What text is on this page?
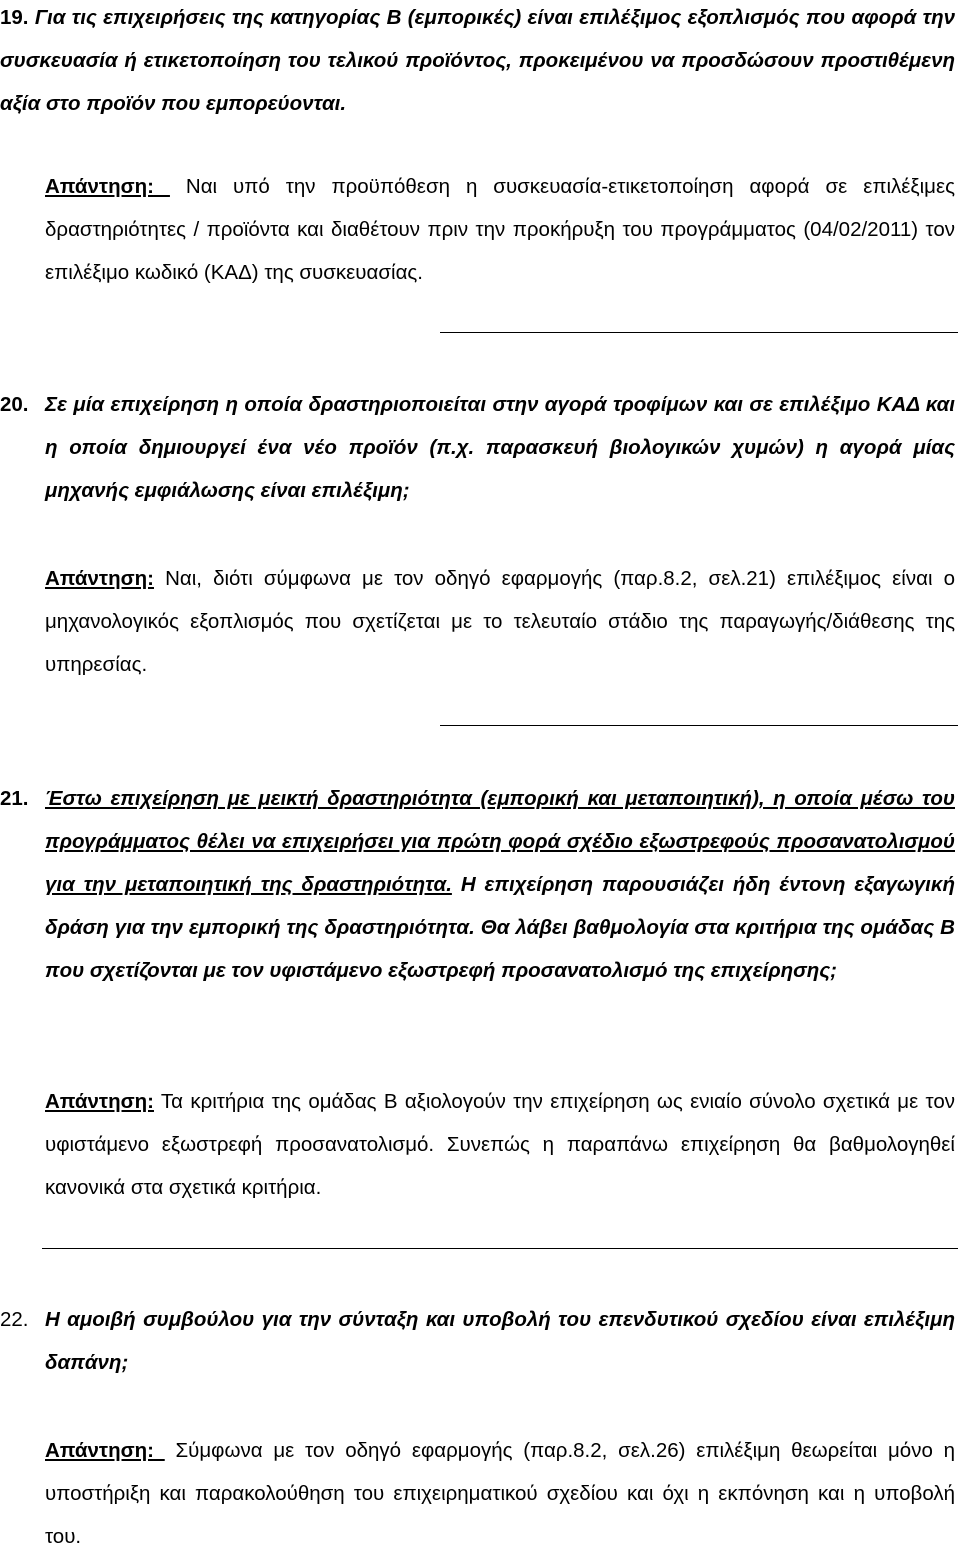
19. Για τις επιχειρήσεις της κατηγορίας Β (εμπορικές) είναι επιλέξιμος εξοπλισμός που αφορά την συσκευασία ή ετικετοποίηση του τελικού προϊόντος, προκειμένου να προσδώσουν προστιθέμενη αξία στο προϊόν που εμπορεύονται.
Απάντηση:  Ναι υπό την προϋπόθεση η συσκευασία-ετικετοποίηση αφορά σε επιλέξιμες δραστηριότητες / προϊόντα και διαθέτουν πριν την προκήρυξη του προγράμματος (04/02/2011) τον επιλέξιμο κωδικό (ΚΑΔ) της συσκευασίας.
20. Σε μία επιχείρηση η οποία δραστηριοποιείται στην αγορά τροφίμων και σε επιλέξιμο ΚΑΔ και η οποία δημιουργεί ένα νέο προϊόν (π.χ. παρασκευή βιολογικών χυμών) η αγορά μίας μηχανής εμφιάλωσης είναι επιλέξιμη;
Απάντηση: Ναι, διότι σύμφωνα με τον οδηγό εφαρμογής (παρ.8.2, σελ.21) επιλέξιμος είναι ο μηχανολογικός εξοπλισμός που σχετίζεται με το τελευταίο στάδιο της παραγωγής/διάθεσης της υπηρεσίας.
21. Έστω επιχείρηση με μεικτή δραστηριότητα (εμπορική και μεταποιητική), η οποία μέσω του προγράμματος θέλει να επιχειρήσει για πρώτη φορά σχέδιο εξωστρεφούς προσανατολισμού για την μεταποιητική της δραστηριότητα. Η επιχείρηση παρουσιάζει ήδη έντονη εξαγωγική δράση για την εμπορική της δραστηριότητα. Θα λάβει βαθμολογία στα κριτήρια της ομάδας Β που σχετίζονται με τον υφιστάμενο εξωστρεφή προσανατολισμό της επιχείρησης;
Απάντηση: Τα κριτήρια της ομάδας Β αξιολογούν την επιχείρηση ως ενιαίο σύνολο σχετικά με τον υφιστάμενο εξωστρεφή προσανατολισμό. Συνεπώς η παραπάνω επιχείρηση θα βαθμολογηθεί κανονικά στα σχετικά κριτήρια.
22. Η αμοιβή συμβούλου για την σύνταξη και υποβολή του επενδυτικού σχεδίου είναι επιλέξιμη δαπάνη;
Απάντηση:  Σύμφωνα με τον οδηγό εφαρμογής (παρ.8.2, σελ.26) επιλέξιμη θεωρείται μόνο η υποστήριξη και παρακολούθηση του επιχειρηματικού σχεδίου και όχι η εκπόνηση και η υποβολή του.
